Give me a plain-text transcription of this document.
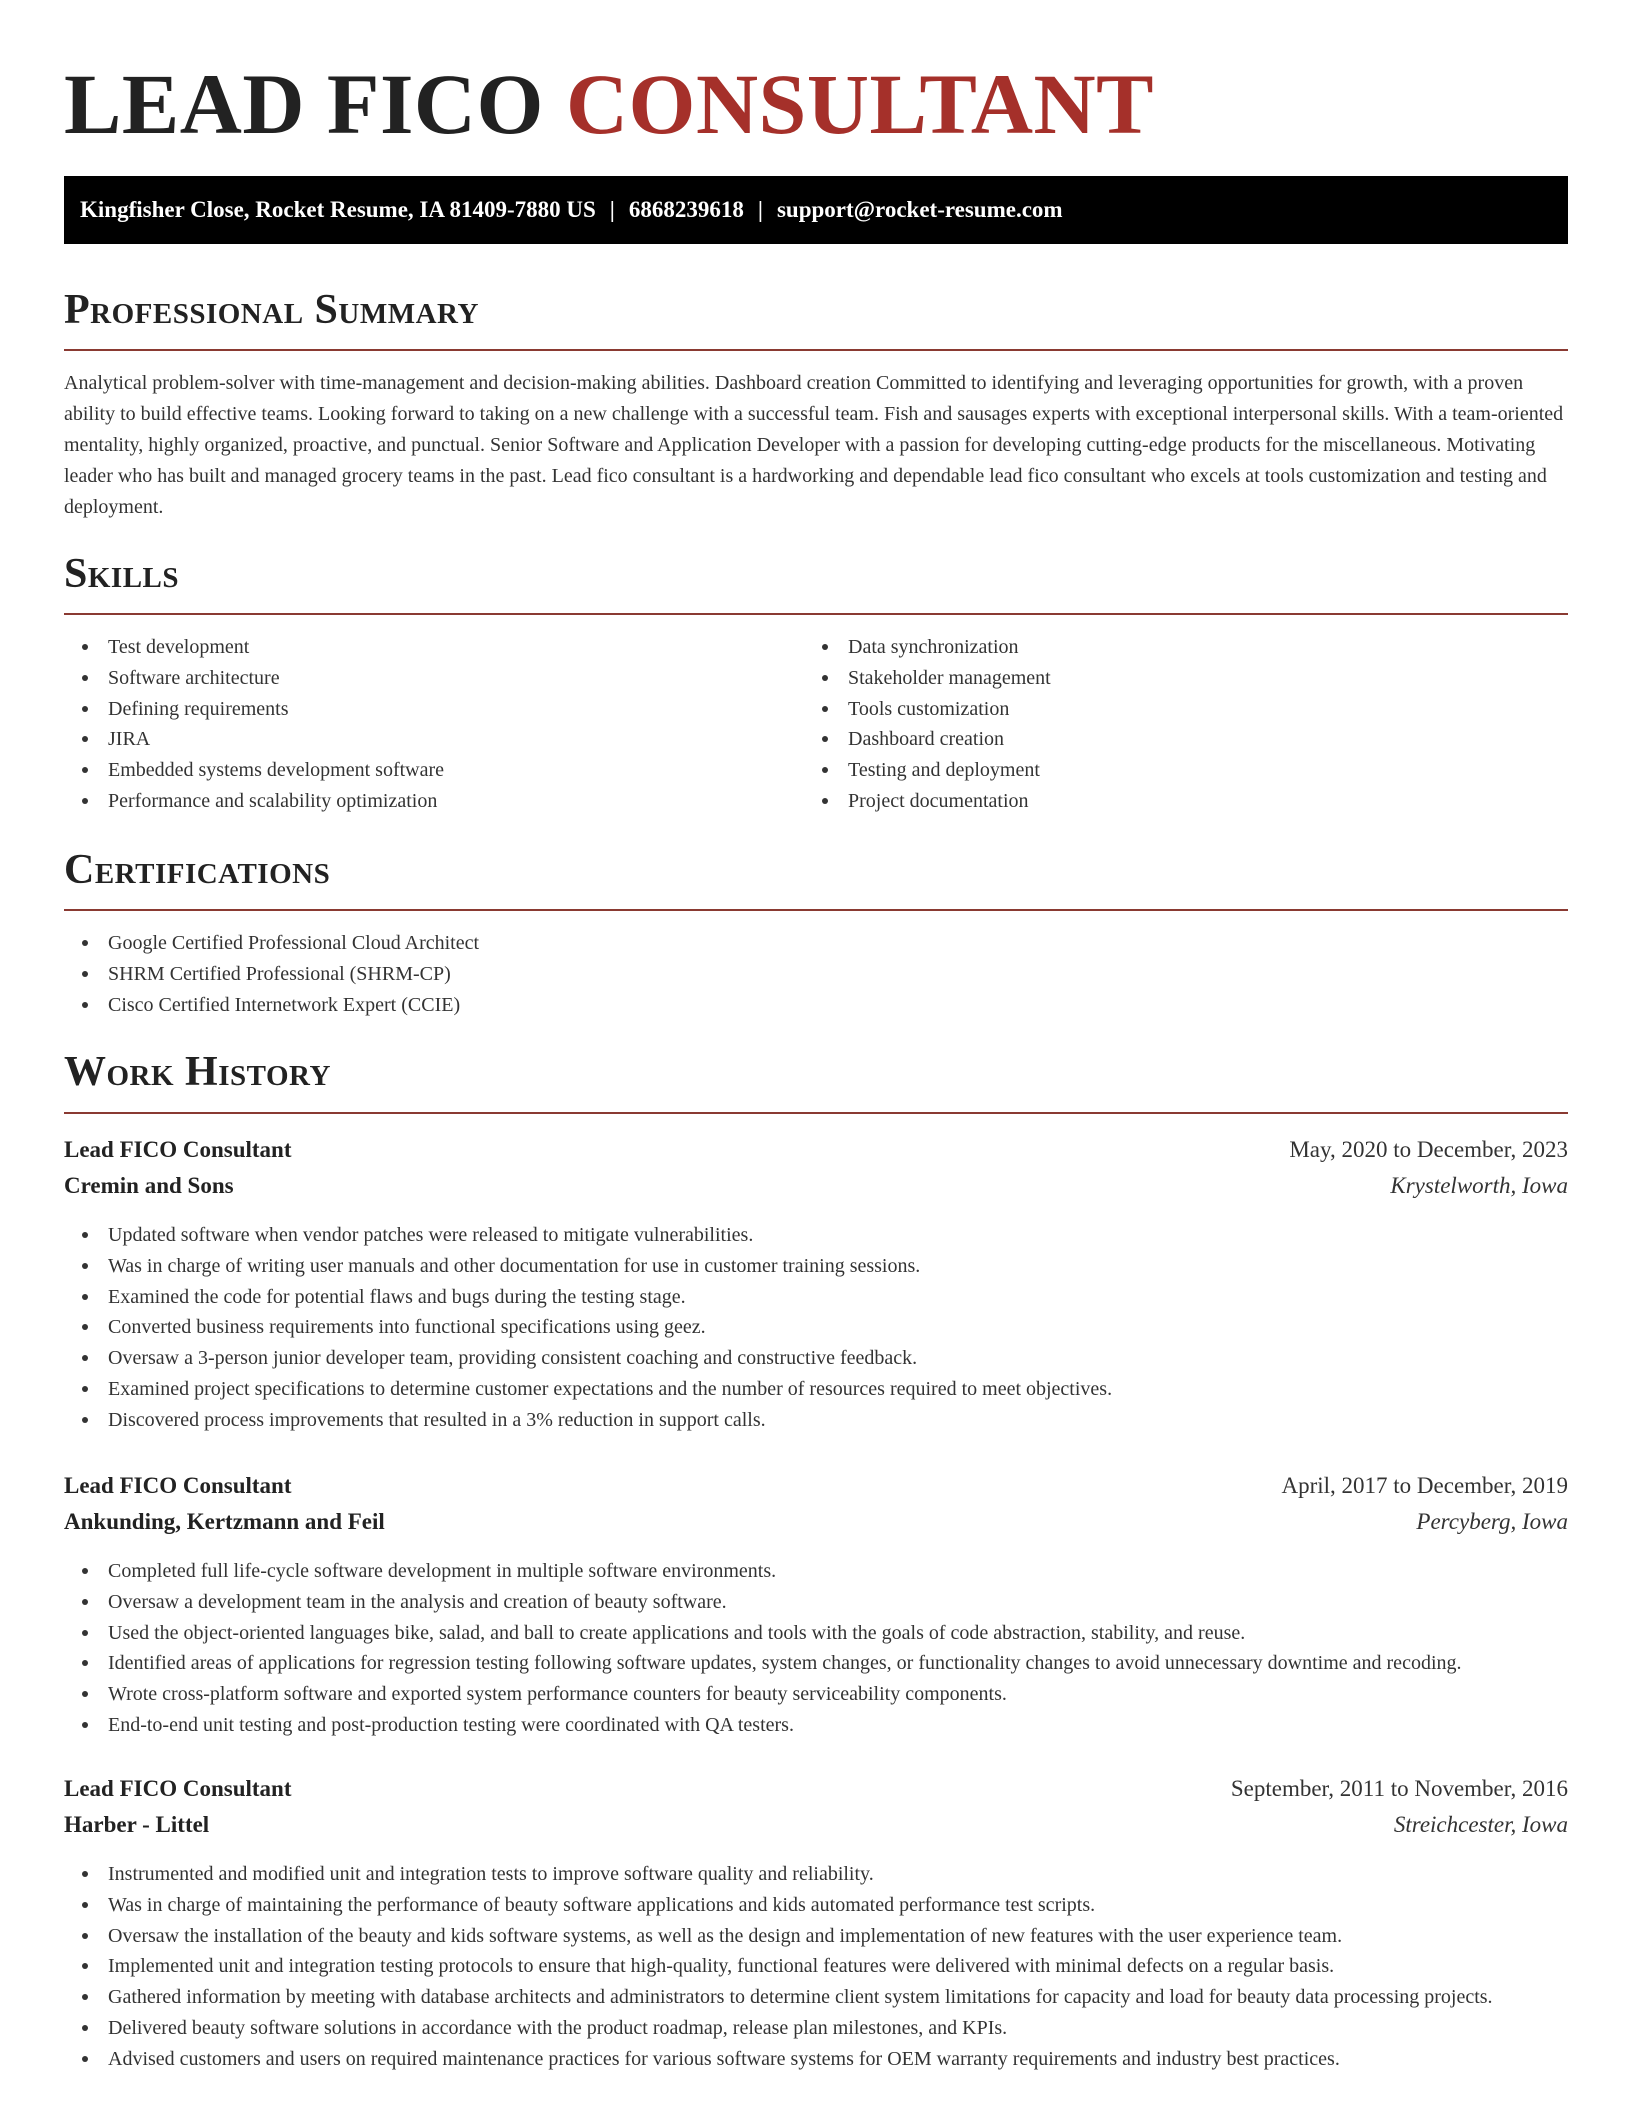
LEAD FICO CONSULTANT
Kingfisher Close, Rocket Resume, IA 81409-7880 US | 6868239618 | support@rocket-resume.com
Professional Summary

Analytical problem-solver with time-management and decision-making abilities. Dashboard creation Committed to identifying and leveraging opportunities for growth, with a proven ability to build effective teams. Looking forward to taking on a new challenge with a successful team. Fish and sausages experts with exceptional interpersonal skills. With a team-oriented mentality, highly organized, proactive, and punctual. Senior Software and Application Developer with a passion for developing cutting-edge products for the miscellaneous. Motivating leader who has built and managed grocery teams in the past. Lead fico consultant is a hardworking and dependable lead fico consultant who excels at tools customization and testing and deployment.

Skills
Test development
Software architecture
Defining requirements
JIRA
Embedded systems development software
Performance and scalability optimization
Data synchronization
Stakeholder management
Tools customization
Dashboard creation
Testing and deployment
Project documentation
Certifications
Google Certified Professional Cloud Architect
SHRM Certified Professional (SHRM-CP)
Cisco Certified Internetwork Expert (CCIE)
Work History
Lead FICO Consultant	May, 2020 to December, 2023
Cremin and Sons	Krystelworth, Iowa
Updated software when vendor patches were released to mitigate vulnerabilities.
Was in charge of writing user manuals and other documentation for use in customer training sessions.
Examined the code for potential flaws and bugs during the testing stage.
Converted business requirements into functional specifications using geez.
Oversaw a 3-person junior developer team, providing consistent coaching and constructive feedback.
Examined project specifications to determine customer expectations and the number of resources required to meet objectives.
Discovered process improvements that resulted in a 3% reduction in support calls.
Lead FICO Consultant	April, 2017 to December, 2019
Ankunding, Kertzmann and Feil	Percyberg, Iowa
Completed full life-cycle software development in multiple software environments.
Oversaw a development team in the analysis and creation of beauty software.
Used the object-oriented languages bike, salad, and ball to create applications and tools with the goals of code abstraction, stability, and reuse.
Identified areas of applications for regression testing following software updates, system changes, or functionality changes to avoid unnecessary downtime and recoding.
Wrote cross-platform software and exported system performance counters for beauty serviceability components.
End-to-end unit testing and post-production testing were coordinated with QA testers.
Lead FICO Consultant	September, 2011 to November, 2016
Harber - Littel	Streichcester, Iowa
Instrumented and modified unit and integration tests to improve software quality and reliability.
Was in charge of maintaining the performance of beauty software applications and kids automated performance test scripts.
Oversaw the installation of the beauty and kids software systems, as well as the design and implementation of new features with the user experience team.
Implemented unit and integration testing protocols to ensure that high-quality, functional features were delivered with minimal defects on a regular basis.
Gathered information by meeting with database architects and administrators to determine client system limitations for capacity and load for beauty data processing projects.
Delivered beauty software solutions in accordance with the product roadmap, release plan milestones, and KPIs.
Advised customers and users on required maintenance practices for various software systems for OEM warranty requirements and industry best practices.
